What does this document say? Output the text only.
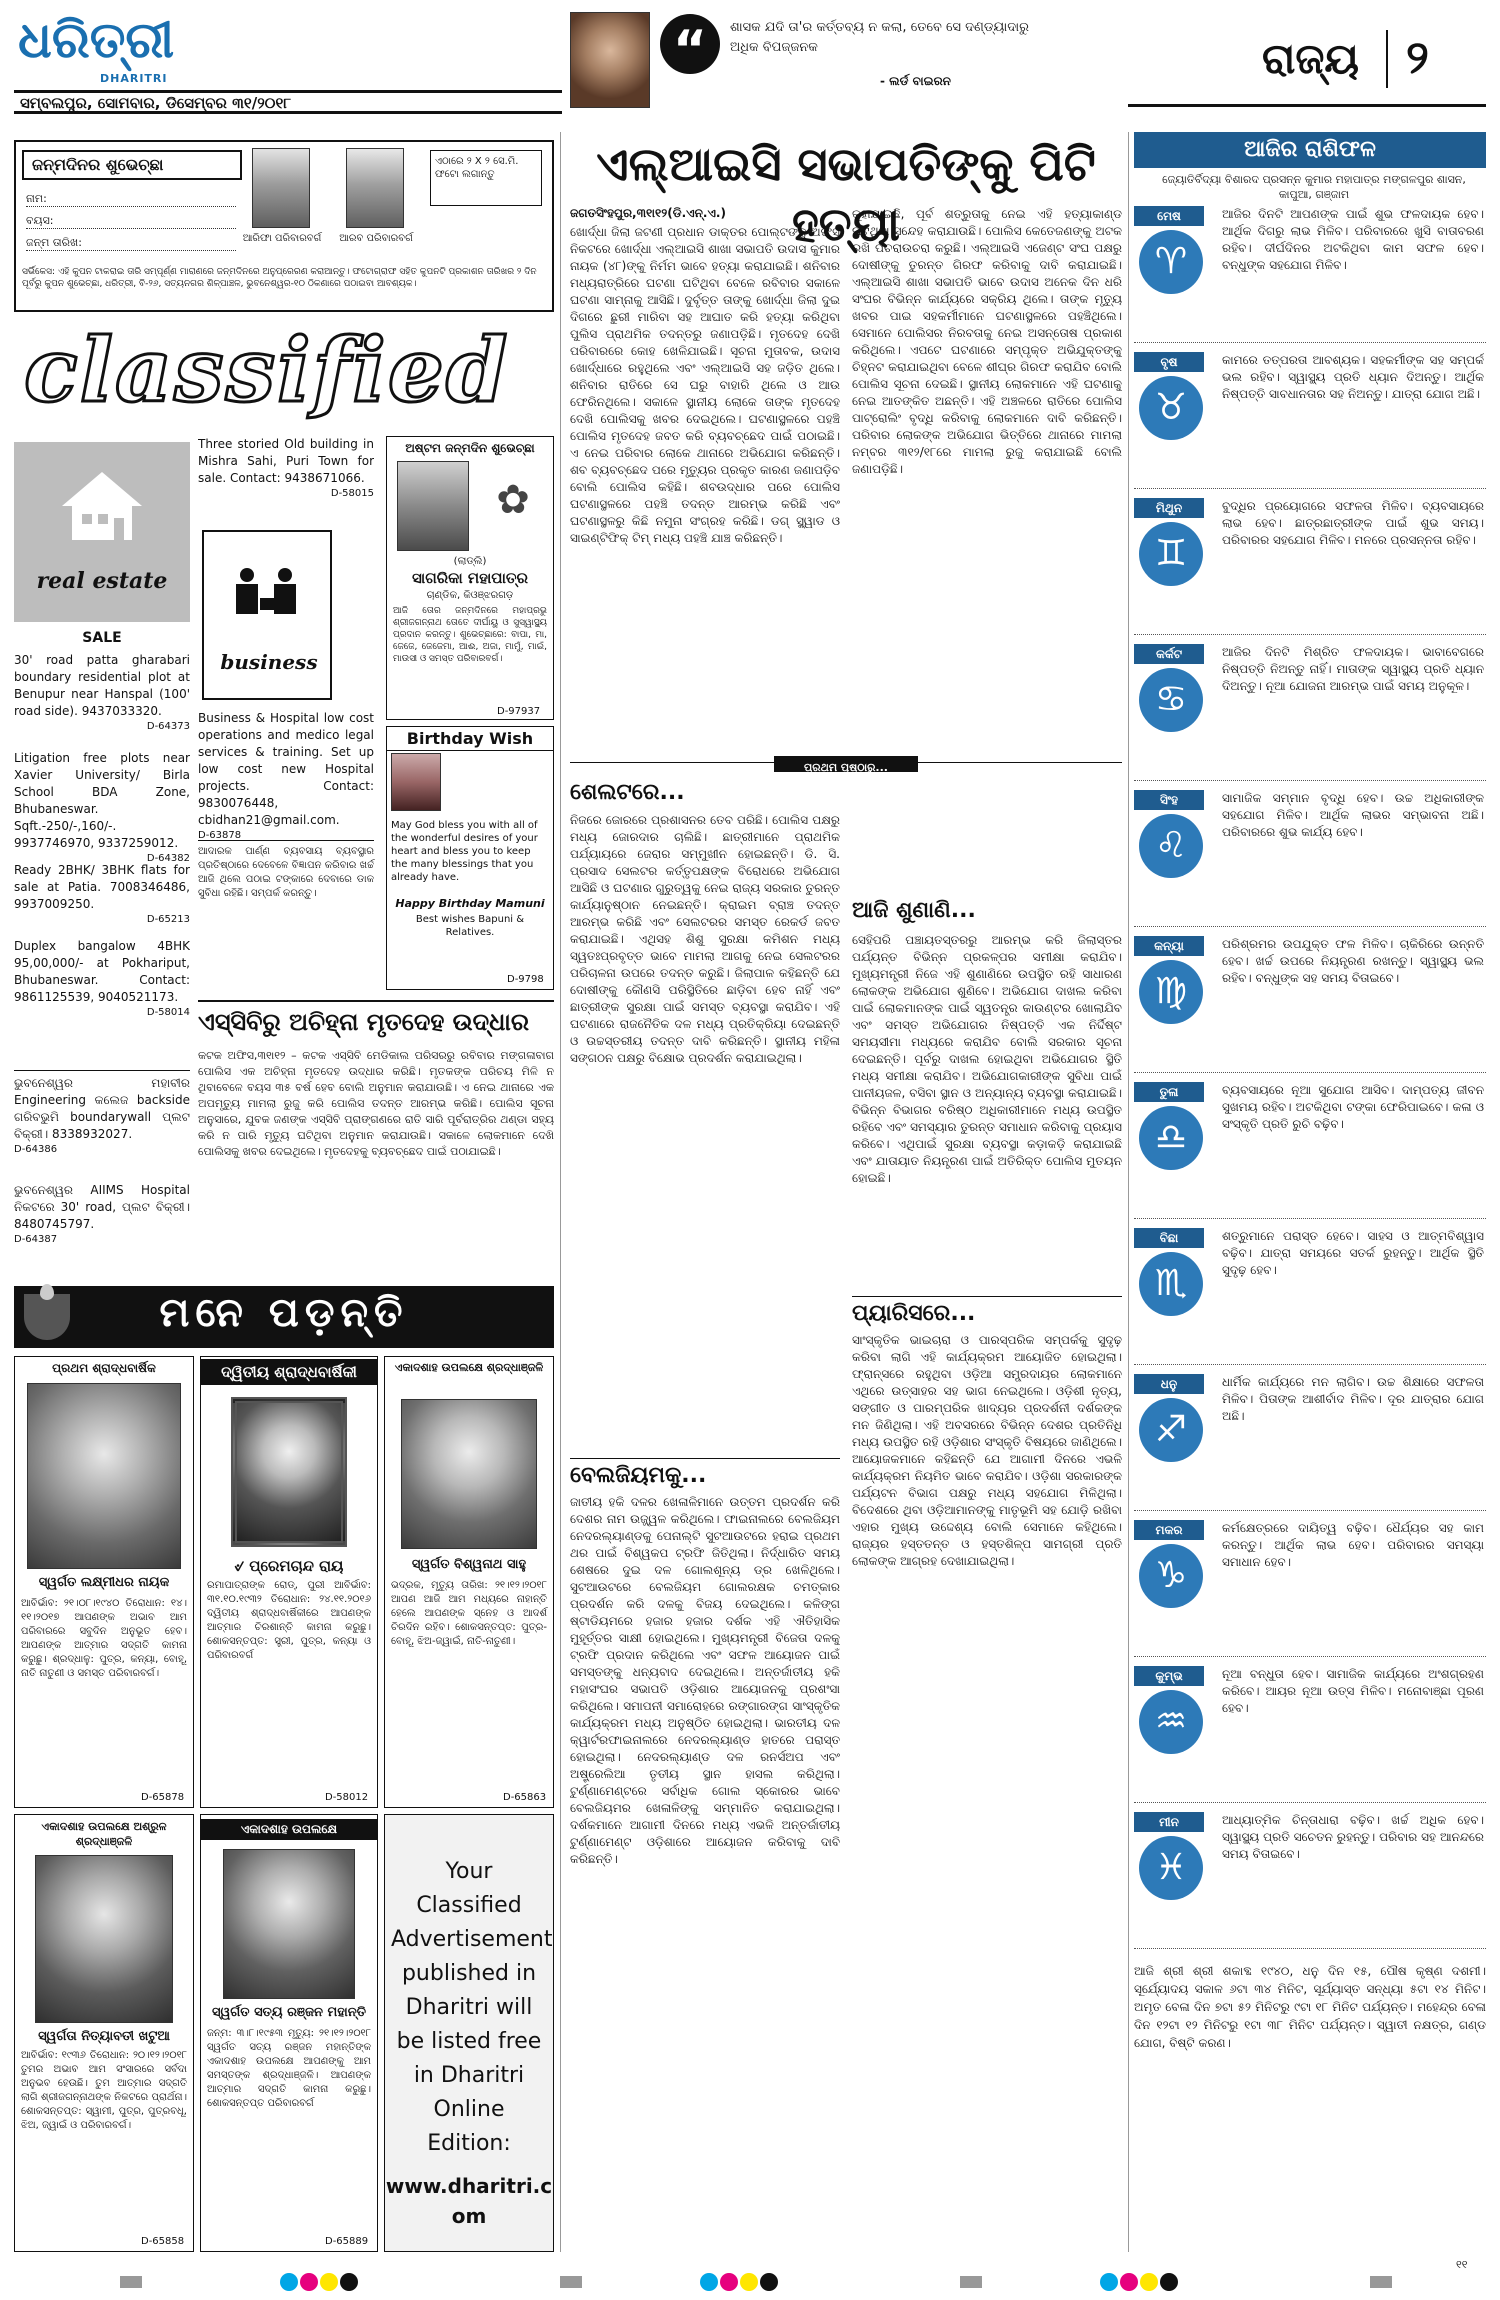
ଧରିତ୍ରୀ
DHARITRI
ସମ୍ବଲପୁର, ସୋମବାର, ଡିସେମ୍ବର ୩୧/୨୦୧୮
“	ଶାସକ ଯଦି ତା'ର କର୍ତ୍ତବ୍ୟ ନ କଲା, ତେବେ ସେ ଦଣ୍ଡ୍ୟାଦାରୁ ଅଧିକ ବିପଜ୍ଜନକ
- ଲର୍ଡ ବାଇରନ	ରାଜ୍ୟ ୨
ଜନ୍ମଦିନର ଶୁଭେଚ୍ଛା
ନାମ:
ବୟସ:
ଜନ୍ମ ତାରିଖ:	ଆରିଫା ପରିବାରବର୍ଗ	ଆରବ ପରିବାରବର୍ଗ
ଏଠାରେ ୨ X ୨ ସେ.ମି. ଫଟୋ ଲଗାନ୍ତୁ
ସର୍ଭିକେସ: ଏହି କୁପନ ଟାକରାଇ ତାରି ସମ୍ପୂର୍ଣ୍ଣ ମାରାଣରେ ଜନ୍ମଦିନରେ ଅନୁପ୍ରେରଣ କରାଆନ୍ତୁ। ଫଟୋଗ୍ରାଫ ସହିତ କୁପନଟି ପ୍ରକାଶନ ତାରିଖର ୨ ଦିନ ପୂର୍ବରୁ କୁପନ ଶୁଭେଚ୍ଛା, ଧରିତ୍ରୀ, ବି-୨୬, ସତ୍ୟନଗର ଶିଳ୍ପାଞ୍ଚଳ, ଭୁବନେଶ୍ୱର-୧୦ ଠିକଣାରେ ପଠାଇବା ଆବଶ୍ୟକ।
classified
real estate
SALE
30' road patta gharabari boundary residential plot at Benupur near Hanspal (100' road side). 9437033320.
D-64373
Litigation free plots near Xavier University/ Birla School BDA Zone, Bhubaneswar. Sqft.-250/-,160/-. 9937746970, 9337259012.
D-64382
Ready 2BHK/ 3BHK flats for sale at Patia. 7008346486, 9937009250.
D-65213
Duplex bangalow 4BHK 95,00,000/- at Pokhariput, Bhubaneswar. Contact: 9861125539, 9040521173.
D-58014
ଭୁବନେଶ୍ୱର ମହାବୀର Engineering କଲେଜ backside ଗରିବଭୁମି boundarywall ପ୍ଲଟ ବିକ୍ରୀ। 8338932027.
D-64386
ଭୁବନେଶ୍ୱର AIIMS Hospital ନିକଟରେ 30' road, ପ୍ଲଟ ବିକ୍ରୀ। 8480745797.
D-64387
Three storied Old building in Mishra Sahi, Puri Town for sale. Contact: 9438671066.
D-58015
business
Business & Hospital low cost operations and medico legal services & training. Set up low cost new Hospital projects. Contact: 9830076448, cbidhan21@gmail.com.
D-63878
ଆଦାରକ ପାର୍ଣ୍ଣ ବ୍ୟବସାୟ ବ୍ୟବସ୍ଥାର ପ୍ରତିଷ୍ଠାରେ ଦେବେଳେ ବିଜ୍ଞାପନ କରିବାର ଖର୍ଚ୍ଚ ଆଜି ଥିଲେ ପଠାଇ ଟଙ୍କାରେ ଦେବାରେ ଡାକ ସୁବିଧା ରହିଛି। ସମ୍ପର୍କ କରନ୍ତୁ।
ଅଷ୍ଟମ ଜନ୍ମଦିନ ଶୁଭେଚ୍ଛା
✿
(ଲାଡ୍ଲି)
ସାଗରିକା ମହାପାତ୍ର
ଚାଣ୍ଡିକ, କିଓଞ୍ଝରଗଡ଼
ଆଜି ତୋର ଜନ୍ମଦିନରେ ମହାପ୍ରଭୁ ଶ୍ରୀଜଗନ୍ନାଥ ତୋତେ ଦୀର୍ଘାୟୁ ଓ ସୁସ୍ୱାସ୍ଥ୍ୟ ପ୍ରଦାନ କରନ୍ତୁ। ଶୁଭେଚ୍ଛାରେ: ବାପା, ମା, ଜେଜେ, ଜେଜେମା, ଆଈ, ଅଜା, ମାମୁଁ, ମାଇଁ, ମାଉସୀ ଓ ସମସ୍ତ ପରିବାରବର୍ଗ।
D-97937
Birthday Wish
May God bless you with all of the wonderful desires of your heart and bless you to keep the many blessings that you already have.
Happy Birthday Mamuni
Best wishes Bapuni & Relatives.
D-9798
ଏସ୍‌ସିବିରୁ ଅଚିହ୍ନା ମୃତଦେହ ଉଦ୍ଧାର
କଟକ ଅଫିସ,୩୧ା୧୨ – କଟକ ଏସ୍‌ସିବି ମେଡିକାଲ ପରିସରରୁ ରବିବାର ମଙ୍ଗଳାବାଗ ପୋଲିସ ଏକ ଅଚିହ୍ନା ମୃତଦେହ ଉଦ୍ଧାର କରିଛି। ମୃତକଙ୍କ ପରିଚୟ ମିଳି ନ ଥିବାବେଳେ ବୟସ ୩୫ ବର୍ଷ ହେବ ବୋଲି ଅନୁମାନ କରାଯାଉଛି। ଏ ନେଇ ଥାନାରେ ଏକ ଅପମୃତ୍ୟୁ ମାମଲା ରୁଜୁ କରି ପୋଲିସ ତଦନ୍ତ ଆରମ୍ଭ କରିଛି। ପୋଲିସ ସୂଚନା ଅନୁସାରେ, ଯୁବକ ଜଣଙ୍କ ଏସ୍‌ସିବି ପ୍ରାଙ୍ଗଣରେ ରାତି ସାରି ପୂର୍ବରାତ୍ରିର ଥଣ୍ଡା ସହ୍ୟ କରି ନ ପାରି ମୃତ୍ୟୁ ଘଟିଥିବା ଅନୁମାନ କରାଯାଉଛି। ସକାଳେ ଲୋକମାନେ ଦେଖି ପୋଲିସକୁ ଖବର ଦେଇଥିଲେ। ମୃତଦେହକୁ ବ୍ୟବଚ୍ଛେଦ ପାଇଁ ପଠାଯାଇଛି।
ମନେ ପଡ଼ନ୍ତି
ପ୍ରଥମ ଶ୍ରାଦ୍ଧବାର୍ଷିକ
ସ୍ୱର୍ଗତ ଲକ୍ଷ୍ମୀଧର ନାୟକ
ଆବିର୍ଭାବ: ୨୧।୦୮।୧୯୪୦ ତିରୋଧାନ: ୧୪।୧୧।୨୦୧୭ ଆପଣଙ୍କ ଅଭାବ ଆମ ପରିବାରରେ ସବୁଦିନ ଅନୁଭୂତ ହେବ। ଆପଣଙ୍କ ଆତ୍ମାର ସଦ୍‌ଗତି କାମନା କରୁଛୁ। ଶ୍ରଦ୍ଧାଳୁ: ପୁତ୍ର, କନ୍ୟା, ବୋହୂ, ନାତି ନାତୁଣୀ ଓ ସମସ୍ତ ପରିବାରବର୍ଗ।
D-65878
ଦ୍ୱିତୀୟ ଶ୍ରାଦ୍ଧବାର୍ଷିକୀ
୰ ପ୍ରେମଚାନ୍ଦ ରାୟ
ରମାପାତ୍ରାଙ୍କ ରୋଡ୍, ପୁରୀ ଆବିର୍ଭାବ: ୩୧.୧୦.୧୯୩୨ ତିରୋଧାନ: ୨୪.୧୧.୨୦୧୬ ଦ୍ୱିତୀୟ ଶ୍ରାଦ୍ଧବାର୍ଷିକୀରେ ଆପଣଙ୍କ ଆତ୍ମାର ଚିରଶାନ୍ତି କାମନା କରୁଛୁ। ଶୋକସନ୍ତପ୍ତ: ସ୍ତ୍ରୀ, ପୁତ୍ର, କନ୍ୟା ଓ ପରିବାରବର୍ଗ
D-58012
ଏକାଦଶାହ ଉପଲକ୍ଷେ ଶ୍ରଦ୍ଧାଞ୍ଜଳି
ସ୍ୱର୍ଗତ ବିଶ୍ୱନାଥ ସାହୁ
ଭଦ୍ରକ, ମୃତ୍ୟୁ ତାରିଖ: ୨୧।୧୨।୨୦୧୮ ଆପଣ ଆଜି ଆମ ମଧ୍ୟରେ ନାହାନ୍ତି ହେଲେ ଆପଣଙ୍କ ସ୍ନେହ ଓ ଆଦର୍ଶ ଚିରଦିନ ରହିବ। ଶୋକସନ୍ତପ୍ତ: ପୁତ୍ର-ବୋହୂ, ଝିଅ-ଜ୍ୱାଇଁ, ନାତି-ନାତୁଣୀ।
D-65863
ଏକାଦଶାହ ଉପଲକ୍ଷେ ଅଶ୍ରୁଳ ଶ୍ରଦ୍ଧାଞ୍ଜଳି
ସ୍ୱର୍ଗତା ନିତ୍ୟାବତୀ ଖଟୁଆ
ଆବିର୍ଭାବ: ୧୯୩୬ ତିରୋଧାନ: ୨୦।୧୨।୨୦୧୮ ତୁମର ଅଭାବ ଆମ ସଂସାରରେ ସର୍ବଦା ଅନୁଭବ ହେଉଛି। ତୁମ ଆତ୍ମାର ସଦ୍‌ଗତି ଲାଗି ଶ୍ରୀଜଗନ୍ନାଥଙ୍କ ନିକଟରେ ପ୍ରାର୍ଥନା। ଶୋକସନ୍ତପ୍ତ: ସ୍ୱାମୀ, ପୁତ୍ର, ପୁତ୍ରବଧୂ, ଝିଅ, ଜ୍ୱାଇଁ ଓ ପରିବାରବର୍ଗ।
D-65858
ଏକାଦଶାହ ଉପଲକ୍ଷେ
ସ୍ୱର୍ଗତ ସତ୍ୟ ରଞ୍ଜନ ମହାନ୍ତି
ଜନ୍ମ: ୩।୮।୧୯୫୩ ମୃତ୍ୟୁ: ୨୧।୧୨।୨୦୧୮ ସ୍ୱର୍ଗତ ସତ୍ୟ ରଞ୍ଜନ ମହାନ୍ତିଙ୍କ ଏକାଦଶାହ ଉପଲକ୍ଷେ ଆପଣଙ୍କୁ ଆମ ସମସ୍ତଙ୍କ ଶ୍ରଦ୍ଧାଞ୍ଜଳି। ଆପଣଙ୍କ ଆତ୍ମାର ସଦ୍‌ଗତି କାମନା କରୁଛୁ। ଶୋକସନ୍ତପ୍ତ ପରିବାରବର୍ଗ
D-65889
Your Classified Advertisement published in Dharitri will be listed free in Dharitri Online Edition:
www.dharitri.com
ଏଲ୍‌ଆଇସି ସଭାପତିଙ୍କୁ ପିଟି ହତ୍ୟା
ଜଗତସିଂହପୁର,୩୧ା୧୨(ଡି.ଏନ୍‌.ଏ.)
ଖୋର୍ଦ୍ଧା ଜିଲା ଜଟଣୀ ପ୍ରଧାନ ଡାକ୍ତର ପୋଲ୍ଟଙ୍କୁ ଅଫିସ ନିକଟରେ ଖୋର୍ଦ୍ଧା ଏଲ୍‌ଆଇସି ଶାଖା ସଭାପତି ଉଦାସ କୁମାର ନାୟକ (୪୮)ଙ୍କୁ ନିର୍ମମ ଭାବେ ହତ୍ୟା କରାଯାଇଛି। ଶନିବାର ମଧ୍ୟରାତ୍ରିରେ ଘଟଣା ଘଟିଥିବା ବେଳେ ରବିବାର ସକାଳେ ଘଟଣା ସାମ୍ନାକୁ ଆସିଛି। ଦୁର୍ବୃତ୍ତ ତାଙ୍କୁ ଖୋର୍ଦ୍ଧା ଜିଲା ଦୁଇ ଦିଗରେ ଛୁରୀ ମାରିବା ସହ ଆଘାତ କରି ହତ୍ୟା କରିଥିବା ପୁଲିସ ପ୍ରାଥମିକ ତଦନ୍ତରୁ ଜଣାପଡ଼ିଛି। ମୃତଦେହ ଦେଖି ପରିବାରରେ କୋହ ଖେଳିଯାଇଛି। ସୂଚନା ମୁତାବକ, ଉଦାସ ଖୋର୍ଦ୍ଧାରେ ରହୁଥିଲେ ଏବଂ ଏଲ୍‌ଆଇସି ସହ ଜଡ଼ିତ ଥିଲେ। ଶନିବାର ରାତିରେ ସେ ଘରୁ ବାହାରି ଥିଲେ ଓ ଆଉ ଫେରିନଥିଲେ। ସକାଳେ ସ୍ଥାନୀୟ ଲୋକେ ତାଙ୍କ ମୃତଦେହ ଦେଖି ପୋଲିସକୁ ଖବର ଦେଇଥିଲେ। ଘଟଣାସ୍ଥଳରେ ପହଞ୍ଚି ପୋଲିସ ମୃତଦେହ ଜବତ କରି ବ୍ୟବଚ୍ଛେଦ ପାଇଁ ପଠାଇଛି। ଏ ନେଇ ପରିବାର ଲୋକେ ଥାନାରେ ଅଭିଯୋଗ କରିଛନ୍ତି। ଶବ ବ୍ୟବଚ୍ଛେଦ ପରେ ମୃତ୍ୟୁର ପ୍ରକୃତ କାରଣ ଜଣାପଡ଼ିବ ବୋଲି ପୋଲିସ କହିଛି। ଶବଉଦ୍ଧାର ପରେ ପୋଲିସ ଘଟଣାସ୍ଥଳରେ ପହଞ୍ଚି ତଦନ୍ତ ଆରମ୍ଭ କରିଛି ଏବଂ ଘଟଣାସ୍ଥଳରୁ କିଛି ନମୁନା ସଂଗ୍ରହ କରିଛି। ଡଗ୍ ସ୍କ୍ୱାଡ ଓ ସାଇଣ୍ଟିଫିକ୍ ଟିମ୍ ମଧ୍ୟ ପହଞ୍ଚି ଯାଞ୍ଚ କରିଛନ୍ତି।
କୁହାଯାଇଛି, ପୂର୍ବ ଶତ୍ରୁତାକୁ ନେଇ ଏହି ହତ୍ୟାକାଣ୍ଡ ଘଟିଥିବା ସନ୍ଦେହ କରାଯାଉଛି। ପୋଲିସ କେତେଜଣଙ୍କୁ ଅଟକ ରଖି ପଚରାଉଚରା କରୁଛି। ଏଲ୍‌ଆଇସି ଏଜେଣ୍ଟ ସଂଘ ପକ୍ଷରୁ ଦୋଷୀଙ୍କୁ ତୁରନ୍ତ ଗିରଫ କରିବାକୁ ଦାବି କରାଯାଇଛି। ଏଲ୍‌ଆଇସି ଶାଖା ସଭାପତି ଭାବେ ଉଦାସ ଅନେକ ଦିନ ଧରି ସଂଘର ବିଭିନ୍ନ କାର୍ଯ୍ୟରେ ସକ୍ରିୟ ଥିଲେ। ତାଙ୍କ ମୃତ୍ୟୁ ଖବର ପାଇ ସହକର୍ମୀମାନେ ଘଟଣାସ୍ଥଳରେ ପହଞ୍ଚିଥିଲେ। ସେମାନେ ପୋଲିସର ନିରବତାକୁ ନେଇ ଅସନ୍ତୋଷ ପ୍ରକାଶ କରିଥିଲେ। ଏପଟେ ଘଟଣାରେ ସମ୍ପୃକ୍ତ ଅଭିଯୁକ୍ତଙ୍କୁ ଚିହ୍ନଟ କରାଯାଇଥିବା ବେଳେ ଶୀଘ୍ର ଗିରଫ କରାଯିବ ବୋଲି ପୋଲିସ ସୂଚନା ଦେଇଛି। ସ୍ଥାନୀୟ ଲୋକମାନେ ଏହି ଘଟଣାକୁ ନେଇ ଆତଙ୍କିତ ଅଛନ୍ତି। ଏହି ଅଞ୍ଚଳରେ ରାତିରେ ପୋଲିସ ପାଟ୍ରୋଲିଂ ବୃଦ୍ଧି କରିବାକୁ ଲୋକମାନେ ଦାବି କରିଛନ୍ତି। ପରିବାର ଲୋକଙ୍କ ଅଭିଯୋଗ ଭିତ୍ତିରେ ଥାନାରେ ମାମଲା ନମ୍ବର ୩୧୨/୧୮ରେ ମାମଲା ରୁଜୁ କରାଯାଇଛି ବୋଲି ଜଣାପଡ଼ିଛି।
ପ୍ରଥମ ପୃଷ୍ଠାରୁ...
ଶେଲଟରେ...
ନିଜରେ ଜୋରରେ ପ୍ରଶାସନର ତେବ ପରିଛି। ପୋଲିସ ପକ୍ଷରୁ ମଧ୍ୟ ଜୋରଦାର ଚାଲିଛି। ଛାତ୍ରୀମାନେ ପ୍ରାଥମିକ ପର୍ଯ୍ୟାୟରେ ଜେରାର ସମ୍ମୁଖୀନ ହୋଇଛନ୍ତି। ଡି. ସି. ପ୍ରସାଦ ସେଲଟର କର୍ତ୍ତୃପକ୍ଷଙ୍କ ବିରୋଧରେ ଅଭିଯୋଗ ଆସିଛି ଓ ଘଟଣାର ଗୁରୁତ୍ୱକୁ ନେଇ ରାଜ୍ୟ ସରକାର ତୁରନ୍ତ କାର୍ଯ୍ୟାନୁଷ୍ଠାନ ନେଇଛନ୍ତି। କ୍ରାଇମ ବ୍ରାଞ୍ଚ ତଦନ୍ତ ଆରମ୍ଭ କରିଛି ଏବଂ ସେଲଟରର ସମସ୍ତ ରେକର୍ଡ ଜବତ କରାଯାଇଛି। ଏଥିସହ ଶିଶୁ ସୁରକ୍ଷା କମିଶନ ମଧ୍ୟ ସ୍ୱତଃପ୍ରବୃତ୍ତ ଭାବେ ମାମଲା ଆଗକୁ ନେଇ ସେଲଟରର ପରିଚାଳନା ଉପରେ ତଦନ୍ତ କରୁଛି। ଜିଲାପାଳ କହିଛନ୍ତି ଯେ ଦୋଷୀଙ୍କୁ କୌଣସି ପରିସ୍ଥିତିରେ ଛାଡ଼ିବା ହେବ ନାହିଁ ଏବଂ ଛାତ୍ରୀଙ୍କ ସୁରକ୍ଷା ପାଇଁ ସମସ୍ତ ବ୍ୟବସ୍ଥା କରାଯିବ। ଏହି ଘଟଣାରେ ରାଜନୈତିକ ଦଳ ମଧ୍ୟ ପ୍ରତିକ୍ରିୟା ଦେଇଛନ୍ତି ଓ ଉଚ୍ଚସ୍ତରୀୟ ତଦନ୍ତ ଦାବି କରିଛନ୍ତି। ସ୍ଥାନୀୟ ମହିଳା ସଙ୍ଗଠନ ପକ୍ଷରୁ ବିକ୍ଷୋଭ ପ୍ରଦର୍ଶନ କରାଯାଇଥିଲା।
ବେଲଜିୟମକୁ...
ଜାତୀୟ ହକି ଦଳର ଖେଳାଳିମାନେ ଉତ୍ତମ ପ୍ରଦର୍ଶନ କରି ଦେଶର ନାମ ଉଜ୍ଜ୍ୱଳ କରିଥିଲେ। ଫାଇନାଲରେ ବେଲଜିୟମ ନେଦରଲ୍ୟାଣ୍ଡକୁ ପେନାଲ୍ଟି ସୁଟଆଉଟରେ ହରାଇ ପ୍ରଥମ ଥର ପାଇଁ ବିଶ୍ୱକପ ଟ୍ରଫି ଜିତିଥିଲା। ନିର୍ଦ୍ଧାରିତ ସମୟ ଶେଷରେ ଦୁଇ ଦଳ ଗୋଲଶୂନ୍ୟ ଡ୍ର ଖେଳିଥିଲେ। ସୁଟଆଉଟରେ ବେଲଜିୟମ ଗୋଲରକ୍ଷକ ଚମତ୍କାର ପ୍ରଦର୍ଶନ କରି ଦଳକୁ ବିଜୟ ଦେଇଥିଲେ। କଳିଙ୍ଗ ଷ୍ଟାଡିୟମରେ ହଜାର ହଜାର ଦର୍ଶକ ଏହି ଐତିହାସିକ ମୁହୂର୍ତ୍ତର ସାକ୍ଷୀ ହୋଇଥିଲେ। ମୁଖ୍ୟମନ୍ତ୍ରୀ ବିଜେତା ଦଳକୁ ଟ୍ରଫି ପ୍ରଦାନ କରିଥିଲେ ଏବଂ ସଫଳ ଆୟୋଜନ ପାଇଁ ସମସ୍ତଙ୍କୁ ଧନ୍ୟବାଦ ଦେଇଥିଲେ। ଅନ୍ତର୍ଜାତୀୟ ହକି ମହାସଂଘର ସଭାପତି ଓଡ଼ିଶାର ଆୟୋଜନକୁ ପ୍ରଶଂସା କରିଥିଲେ। ସମାପନୀ ସମାରୋହରେ ରଙ୍ଗାରଙ୍ଗ ସାଂସ୍କୃତିକ କାର୍ଯ୍ୟକ୍ରମ ମଧ୍ୟ ଅନୁଷ୍ଠିତ ହୋଇଥିଲା। ଭାରତୀୟ ଦଳ କ୍ୱାର୍ଟରଫାଇନାଲରେ ନେଦରଲ୍ୟାଣ୍ଡ ହାତରେ ପରାସ୍ତ ହୋଇଥିଲା। ନେଦରଲ୍ୟାଣ୍ଡ ଦଳ ରନର୍ସଅପ ଏବଂ ଅଷ୍ଟ୍ରେଲିଆ ତୃତୀୟ ସ୍ଥାନ ହାସଲ କରିଥିଲା। ଟୁର୍ଣ୍ଣାମେଣ୍ଟରେ ସର୍ବାଧିକ ଗୋଲ ସ୍କୋରର ଭାବେ ବେଲଜିୟମର ଖେଳାଳିଙ୍କୁ ସମ୍ମାନିତ କରାଯାଇଥିଲା। ଦର୍ଶକମାନେ ଆଗାମୀ ଦିନରେ ମଧ୍ୟ ଏଭଳି ଅନ୍ତର୍ଜାତୀୟ ଟୁର୍ଣ୍ଣାମେଣ୍ଟ ଓଡ଼ିଶାରେ ଆୟୋଜନ କରିବାକୁ ଦାବି କରିଛନ୍ତି।
ଆଜି ଶୁଣାଣି...
ସେହିପରି ପଞ୍ଚାୟତସ୍ତରରୁ ଆରମ୍ଭ କରି ଜିଲାସ୍ତର ପର୍ଯ୍ୟନ୍ତ ବିଭିନ୍ନ ପ୍ରକଳ୍ପର ସମୀକ୍ଷା କରାଯିବ। ମୁଖ୍ୟମନ୍ତ୍ରୀ ନିଜେ ଏହି ଶୁଣାଣିରେ ଉପସ୍ଥିତ ରହି ସାଧାରଣ ଲୋକଙ୍କ ଅଭିଯୋଗ ଶୁଣିବେ। ଅଭିଯୋଗ ଦାଖଲ କରିବା ପାଇଁ ଲୋକମାନଙ୍କ ପାଇଁ ସ୍ୱତନ୍ତ୍ର କାଉଣ୍ଟର ଖୋଲାଯିବ ଏବଂ ସମସ୍ତ ଅଭିଯୋଗର ନିଷ୍ପତ୍ତି ଏକ ନିର୍ଦ୍ଦିଷ୍ଟ ସମୟସୀମା ମଧ୍ୟରେ କରାଯିବ ବୋଲି ସରକାର ସୂଚନା ଦେଇଛନ୍ତି। ପୂର୍ବରୁ ଦାଖଲ ହୋଇଥିବା ଅଭିଯୋଗର ସ୍ଥିତି ମଧ୍ୟ ସମୀକ୍ଷା କରାଯିବ। ଅଭିଯୋଗକାରୀଙ୍କ ସୁବିଧା ପାଇଁ ପାନୀୟଜଳ, ବସିବା ସ୍ଥାନ ଓ ଅନ୍ୟାନ୍ୟ ବ୍ୟବସ୍ଥା କରାଯାଇଛି। ବିଭିନ୍ନ ବିଭାଗର ବରିଷ୍ଠ ଅଧିକାରୀମାନେ ମଧ୍ୟ ଉପସ୍ଥିତ ରହିବେ ଏବଂ ସମସ୍ୟାର ତୁରନ୍ତ ସମାଧାନ କରିବାକୁ ପ୍ରୟାସ କରିବେ। ଏଥିପାଇଁ ସୁରକ୍ଷା ବ୍ୟବସ୍ଥା କଡ଼ାକଡ଼ି କରାଯାଇଛି ଏବଂ ଯାତାୟାତ ନିୟନ୍ତ୍ରଣ ପାଇଁ ଅତିରିକ୍ତ ପୋଲିସ ମୁତୟନ ହୋଇଛି।
ପ୍ୟାରିସରେ...
ସାଂସ୍କୃତିକ ଭାଇଚାରା ଓ ପାରସ୍ପରିକ ସମ୍ପର୍କକୁ ସୁଦୃଢ଼ କରିବା ଲାଗି ଏହି କାର୍ଯ୍ୟକ୍ରମ ଆୟୋଜିତ ହୋଇଥିଲା। ଫ୍ରାନ୍ସରେ ରହୁଥିବା ଓଡ଼ିଆ ସମ୍ପ୍ରଦାୟର ଲୋକମାନେ ଏଥିରେ ଉତ୍ସାହର ସହ ଭାଗ ନେଇଥିଲେ। ଓଡ଼ିଶୀ ନୃତ୍ୟ, ସଙ୍ଗୀତ ଓ ପାରମ୍ପରିକ ଖାଦ୍ୟର ପ୍ରଦର୍ଶନୀ ଦର୍ଶକଙ୍କ ମନ ଜିଣିଥିଲା। ଏହି ଅବସରରେ ବିଭିନ୍ନ ଦେଶର ପ୍ରତିନିଧି ମଧ୍ୟ ଉପସ୍ଥିତ ରହି ଓଡ଼ିଶାର ସଂସ୍କୃତି ବିଷୟରେ ଜାଣିଥିଲେ। ଆୟୋଜକମାନେ କହିଛନ୍ତି ଯେ ଆଗାମୀ ଦିନରେ ଏଭଳି କାର୍ଯ୍ୟକ୍ରମ ନିୟମିତ ଭାବେ କରାଯିବ। ଓଡ଼ିଶା ସରକାରଙ୍କ ପର୍ଯ୍ୟଟନ ବିଭାଗ ପକ୍ଷରୁ ମଧ୍ୟ ସହଯୋଗ ମିଳିଥିଲା। ବିଦେଶରେ ଥିବା ଓଡ଼ିଆମାନଙ୍କୁ ମାତୃଭୂମି ସହ ଯୋଡ଼ି ରଖିବା ଏହାର ମୁଖ୍ୟ ଉଦ୍ଦେଶ୍ୟ ବୋଲି ସେମାନେ କହିଥିଲେ। ରାଜ୍ୟର ହସ୍ତତନ୍ତ ଓ ହସ୍ତଶିଳ୍ପ ସାମଗ୍ରୀ ପ୍ରତି ଲୋକଙ୍କ ଆଗ୍ରହ ଦେଖାଯାଇଥିଲା।
ଆଜିର ରାଶିଫଳ
ଜ୍ୟୋତିର୍ବିଦ୍ୟା ବିଶାରଦ ପ୍ରସନ୍ନ କୁମାର ମହାପାତ୍ର ମଙ୍ଗଳପୁର ଶାସନ, କାପୁଆ, ଗଞ୍ଜାମ
ମେଷ
♈
ଆଜିର ଦିନଟି ଆପଣଙ୍କ ପାଇଁ ଶୁଭ ଫଳଦାୟକ ହେବ। ଆର୍ଥିକ ଦିଗରୁ ଲାଭ ମିଳିବ। ପରିବାରରେ ଖୁସି ବାତାବରଣ ରହିବ। ଦୀର୍ଘଦିନର ଅଟକିଥିବା କାମ ସଫଳ ହେବ। ବନ୍ଧୁଙ୍କ ସହଯୋଗ ମିଳିବ।
ବୃଷ
♉
କାମରେ ତତ୍ପରତା ଆବଶ୍ୟକ। ସହକର୍ମୀଙ୍କ ସହ ସମ୍ପର୍କ ଭଲ ରହିବ। ସ୍ୱାସ୍ଥ୍ୟ ପ୍ରତି ଧ୍ୟାନ ଦିଅନ୍ତୁ। ଆର୍ଥିକ ନିଷ୍ପତ୍ତି ସାବଧାନତାର ସହ ନିଅନ୍ତୁ। ଯାତ୍ରା ଯୋଗ ଅଛି।
ମିଥୁନ
♊
ବୁଦ୍ଧିର ପ୍ରୟୋଗରେ ସଫଳତା ମିଳିବ। ବ୍ୟବସାୟରେ ଲାଭ ହେବ। ଛାତ୍ରଛାତ୍ରୀଙ୍କ ପାଇଁ ଶୁଭ ସମୟ। ପରିବାରର ସହଯୋଗ ମିଳିବ। ମନରେ ପ୍ରସନ୍ନତା ରହିବ।
କର୍କଟ
♋
ଆଜିର ଦିନଟି ମିଶ୍ରିତ ଫଳଦାୟକ। ଭାବାବେଗରେ ନିଷ୍ପତ୍ତି ନିଅନ୍ତୁ ନାହିଁ। ମାତାଙ୍କ ସ୍ୱାସ୍ଥ୍ୟ ପ୍ରତି ଧ୍ୟାନ ଦିଅନ୍ତୁ। ନୂଆ ଯୋଜନା ଆରମ୍ଭ ପାଇଁ ସମୟ ଅନୁକୂଳ।
ସିଂହ
♌
ସାମାଜିକ ସମ୍ମାନ ବୃଦ୍ଧି ହେବ। ଉଚ୍ଚ ଅଧିକାରୀଙ୍କ ସହଯୋଗ ମିଳିବ। ଆର୍ଥିକ ଲାଭର ସମ୍ଭାବନା ଅଛି। ପରିବାରରେ ଶୁଭ କାର୍ଯ୍ୟ ହେବ।
କନ୍ୟା
♍
ପରିଶ୍ରମର ଉପଯୁକ୍ତ ଫଳ ମିଳିବ। ଚାକିରିରେ ଉନ୍ନତି ହେବ। ଖର୍ଚ୍ଚ ଉପରେ ନିୟନ୍ତ୍ରଣ ରଖନ୍ତୁ। ସ୍ୱାସ୍ଥ୍ୟ ଭଲ ରହିବ। ବନ୍ଧୁଙ୍କ ସହ ସମୟ ବିତାଇବେ।
ତୁଳା
♎
ବ୍ୟବସାୟରେ ନୂଆ ସୁଯୋଗ ଆସିବ। ଦାମ୍ପତ୍ୟ ଜୀବନ ସୁଖମୟ ରହିବ। ଅଟକିଥିବା ଟଙ୍କା ଫେରିପାଇବେ। କଳା ଓ ସଂସ୍କୃତି ପ୍ରତି ରୁଚି ବଢ଼ିବ।
ବିଛା
♏
ଶତ୍ରୁମାନେ ପରାସ୍ତ ହେବେ। ସାହସ ଓ ଆତ୍ମବିଶ୍ୱାସ ବଢ଼ିବ। ଯାତ୍ରା ସମୟରେ ସତର୍କ ରୁହନ୍ତୁ। ଆର୍ଥିକ ସ୍ଥିତି ସୁଦୃଢ଼ ହେବ।
ଧନୁ
♐
ଧାର୍ମିକ କାର୍ଯ୍ୟରେ ମନ ଲାଗିବ। ଉଚ୍ଚ ଶିକ୍ଷାରେ ସଫଳତା ମିଳିବ। ପିତାଙ୍କ ଆଶୀର୍ବାଦ ମିଳିବ। ଦୂର ଯାତ୍ରାର ଯୋଗ ଅଛି।
ମକର
♑
କର୍ମକ୍ଷେତ୍ରରେ ଦାୟିତ୍ୱ ବଢ଼ିବ। ଧୈର୍ଯ୍ୟର ସହ କାମ କରନ୍ତୁ। ଆର୍ଥିକ ଲାଭ ହେବ। ପରିବାରର ସମସ୍ୟା ସମାଧାନ ହେବ।
କୁମ୍ଭ
♒
ନୂଆ ବନ୍ଧୁତା ହେବ। ସାମାଜିକ କାର୍ଯ୍ୟରେ ଅଂଶଗ୍ରହଣ କରିବେ। ଆୟର ନୂଆ ଉତ୍ସ ମିଳିବ। ମନୋବାଞ୍ଛା ପୂରଣ ହେବ।
ମୀନ
♓
ଆଧ୍ୟାତ୍ମିକ ଚିନ୍ତାଧାରା ବଢ଼ିବ। ଖର୍ଚ୍ଚ ଅଧିକ ହେବ। ସ୍ୱାସ୍ଥ୍ୟ ପ୍ରତି ସଚେତନ ରୁହନ୍ତୁ। ପରିବାର ସହ ଆନନ୍ଦରେ ସମୟ ବିତାଇବେ।
ଆଜି ଶ୍ରୀ ଶ୍ରୀ ଶକାବ୍ଦ ୧୯୪୦, ଧନୁ ଦିନ ୧୫, ପୌଷ କୃଷ୍ଣ ଦଶମୀ। ସୂର୍ଯ୍ୟୋଦୟ ସକାଳ ୬ଟା ୩୪ ମିନିଟ, ସୂର୍ଯ୍ୟାସ୍ତ ସନ୍ଧ୍ୟା ୫ଟା ୧୪ ମିନିଟ। ଅମୃତ ବେଳା ଦିନ ୭ଟା ୫୨ ମିନିଟରୁ ୯ଟା ୧୮ ମିନିଟ ପର୍ଯ୍ୟନ୍ତ। ମହେନ୍ଦ୍ର ବେଳା ଦିନ ୧୨ଟା ୧୨ ମିନିଟରୁ ୧ଟା ୩୮ ମିନିଟ ପର୍ଯ୍ୟନ୍ତ। ସ୍ୱାତୀ ନକ୍ଷତ୍ର, ଗଣ୍ଡ ଯୋଗ, ବିଷ୍ଟି କରଣ।
୧୧
